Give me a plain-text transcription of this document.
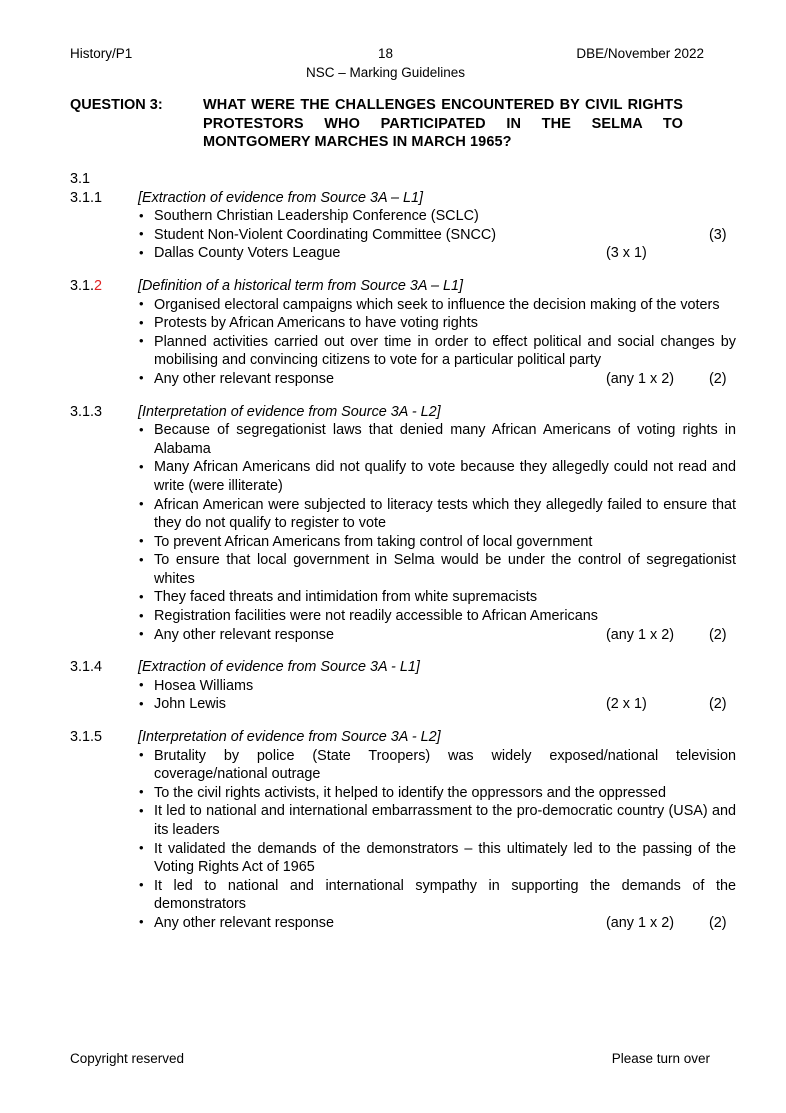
History/P1	18	DBE/November 2022
NSC – Marking Guidelines
QUESTION 3:	WHAT WERE THE CHALLENGES ENCOUNTERED BY CIVIL RIGHTS PROTESTORS WHO PARTICIPATED IN THE SELMA TO MONTGOMERY MARCHES IN MARCH 1965?
3.1
3.1.1	[Extraction of evidence from Source 3A – L1]
• Southern Christian Leadership Conference (SCLC)
• Student Non-Violent Coordinating Committee (SNCC)	(3)
• Dallas County Voters League	(3 x 1)
3.1.2	[Definition of a historical term from Source 3A – L1]
• Organised electoral campaigns which seek to influence the decision making of the voters
• Protests by African Americans to have voting rights
• Planned activities carried out over time in order to effect political and social changes by mobilising and convincing citizens to vote for a particular political party
• Any other relevant response	(any 1 x 2) (2)
3.1.3	[Interpretation of evidence from Source 3A - L2]
• Because of segregationist laws that denied many African Americans of voting rights in Alabama
• Many African Americans did not qualify to vote because they allegedly could not read and write (were illiterate)
• African American were subjected to literacy tests which they allegedly failed to ensure that they do not qualify to register to vote
• To prevent African Americans from taking control of local government
• To ensure that local government in Selma would be under the control of segregationist whites
• They faced threats and intimidation from white supremacists
• Registration facilities were not readily accessible to African Americans
• Any other relevant response	(any 1 x 2) (2)
3.1.4	[Extraction of evidence from Source 3A - L1]
• Hosea Williams
• John Lewis	(2 x 1)	(2)
3.1.5	[Interpretation of evidence from Source 3A - L2]
• Brutality by police (State Troopers) was widely exposed/national television coverage/national outrage
• To the civil rights activists, it helped to identify the oppressors and the oppressed
• It led to national and international embarrassment to the pro-democratic country (USA) and its leaders
• It validated the demands of the demonstrators – this ultimately led to the passing of the Voting Rights Act of 1965
• It led to national and international sympathy in supporting the demands of the demonstrators
• Any other relevant response	(any 1 x 2) (2)
Copyright reserved	Please turn over
